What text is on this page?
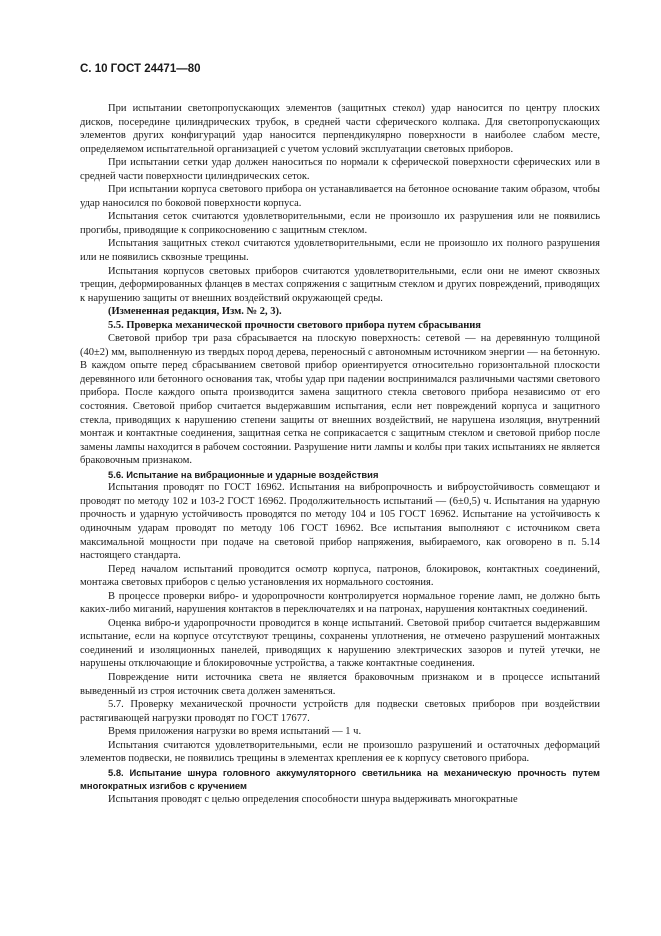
С. 10 ГОСТ 24471—80

При испытании светопропускающих элементов (защитных стекол) удар наносится по центру плоских дисков, посередине цилиндрических трубок, в средней части сферического колпака. Для светопропускающих элементов других конфигураций удар наносится перпендикулярно поверхности в наиболее слабом месте, определяемом испытательной организацией с учетом условий эксплуатации световых приборов.

При испытании сетки удар должен наноситься по нормали к сферической поверхности сферических или в средней части поверхности цилиндрических сеток.

При испытании корпуса светового прибора он устанавливается на бетонное основание таким образом, чтобы удар наносился по боковой поверхности корпуса.

Испытания сеток считаются удовлетворительными, если не произошло их разрушения или не появились прогибы, приводящие к соприкосновению с защитным стеклом.

Испытания защитных стекол считаются удовлетворительными, если не произошло их полного разрушения или не появились сквозные трещины.

Испытания корпусов световых приборов считаются удовлетворительными, если они не имеют сквозных трещин, деформированных фланцев в местах сопряжения с защитным стеклом и других повреждений, приводящих к нарушению защиты от внешних воздействий окружающей среды.

(Измененная редакция, Изм. № 2, 3).

5.5. Проверка механической прочности светового прибора путем сбрасывания

Световой прибор три раза сбрасывается на плоскую поверхность: сетевой — на деревянную толщиной (40±2) мм, выполненную из твердых пород дерева, переносный с автономным источником энергии — на бетонную. В каждом опыте перед сбрасыванием световой прибор ориентируется относительно горизонтальной плоскости деревянного или бетонного основания так, чтобы удар при падении воспринимался различными частями светового прибора. После каждого опыта производится замена защитного стекла светового прибора независимо от его состояния. Световой прибор считается выдержавшим испытания, если нет повреждений корпуса и защитного стекла, приводящих к нарушению степени защиты от внешних воздействий, не нарушена изоляция, внутренний монтаж и контактные соединения, защитная сетка не соприкасается с защитным стеклом и световой прибор после замены лампы находится в рабочем состоянии. Разрушение нити лампы и колбы при таких испытаниях не является браковочным признаком.

5.6. Испытание на вибрационные и ударные воздействия

Испытания проводят по ГОСТ 16962. Испытания на вибропрочность и виброустойчивость совмещают и проводят по методу 102 и 103-2 ГОСТ 16962. Продолжительность испытаний — (6±0,5) ч. Испытания на ударную прочность и ударную устойчивость проводятся по методу 104 и 105 ГОСТ 16962. Испытание на устойчивость к одиночным ударам проводят по методу 106 ГОСТ 16962. Все испытания выполняют с источником света максимальной мощности при подаче на световой прибор напряжения, выбираемого, как оговорено в п. 5.14 настоящего стандарта.

Перед началом испытаний проводится осмотр корпуса, патронов, блокировок, контактных соединений, монтажа световых приборов с целью установления их нормального состояния.

В процессе проверки вибро- и удоропрочности контролируется нормальное горение ламп, не должно быть каких-либо миганий, нарушения контактов в переключателях и на патронах, нарушения контактных соединений.

Оценка вибро-и ударопрочности проводится в конце испытаний. Световой прибор считается выдержавшим испытание, если на корпусе отсутствуют трещины, сохранены уплотнения, не отмечено разрушений монтажных соединений и изоляционных панелей, приводящих к нарушению электрических зазоров и путей утечки, не нарушены отключающие и блокировочные устройства, а также контактные соединения.

Повреждение нити источника света не является браковочным признаком и в процессе испытаний выведенный из строя источник света должен заменяться.

5.7. Проверку механической прочности устройств для подвески световых приборов при воздействии растягивающей нагрузки проводят по ГОСТ 17677.

Время приложения нагрузки во время испытаний — 1 ч.

Испытания считаются удовлетворительными, если не произошло разрушений и остаточных деформаций элементов подвески, не появились трещины в элементах крепления ее к корпусу светового прибора.

5.8. Испытание шнура головного аккумуляторного светильника на механическую прочность путем многократных изгибов с кручением

Испытания проводят с целью определения способности шнура выдерживать многократные
